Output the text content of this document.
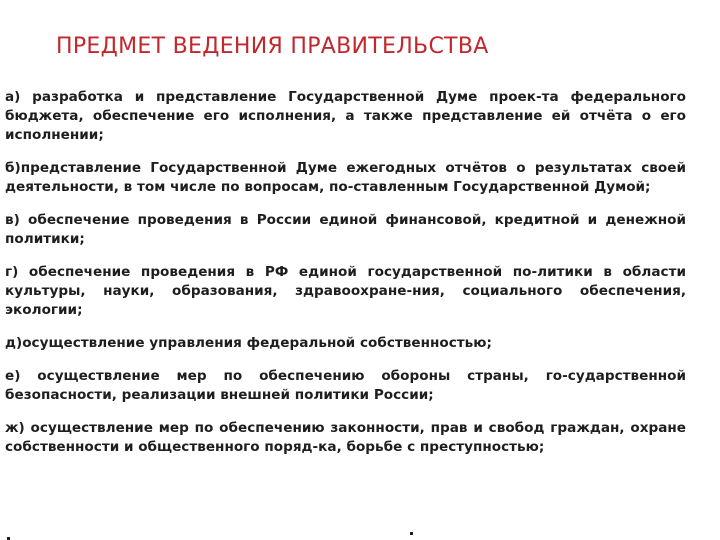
ПРЕДМЕТ ВЕДЕНИЯ ПРАВИТЕЛЬСТВА
а) разработка и представление Государственной Думе проек-та федерального бюджета, обеспечение его исполнения, а также представление ей отчёта о его исполнении;
б)представление Государственной Думе ежегодных отчётов о результатах своей деятельности, в том числе по вопросам, по-ставленным Государственной Думой;
в) обеспечение проведения в России единой финансовой, кредитной и денежной политики;
г) обеспечение проведения в РФ единой государственной по-литики в области культуры, науки, образования, здравоохране-ния, социального обеспечения, экологии;
д)осуществление управления федеральной собственностью;
е) осуществление мер по обеспечению обороны страны, го-сударственной безопасности, реализации внешней политики России;
ж) осуществление мер по обеспечению законности, прав и свобод граждан, охране собственности и общественного поряд-ка, борьбе с преступностью;
